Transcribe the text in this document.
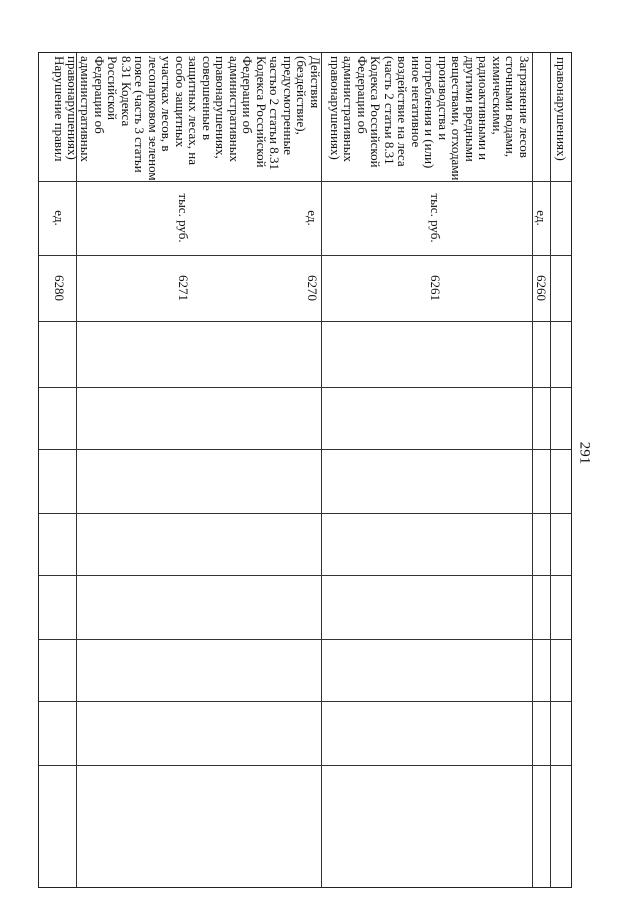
291
правонарушениях)
Загрязнение лесов сточными водами, химическими, радиоактивными и другими вредными веществами, отходами производства и потребления и (или) иное негативное воздействие на леса (часть 2 статьи 8.31 Кодекса Российской Федерации об административных правонарушениях)
ед.
6260
тыс. руб.
6261
Действия (бездействие), предусмотренные частью 2 статьи 8.31 Кодекса Российской Федерации об административных правонарушениях, совершенные в защитных лесах, на особо защитных участках лесов, в лесопарковом зеленом поясе (часть 3 статьи 8.31 Кодекса Российской Федерации об административных правонарушениях)
ед.
6270
тыс. руб.
6271
Нарушение правил
ед.
6280
